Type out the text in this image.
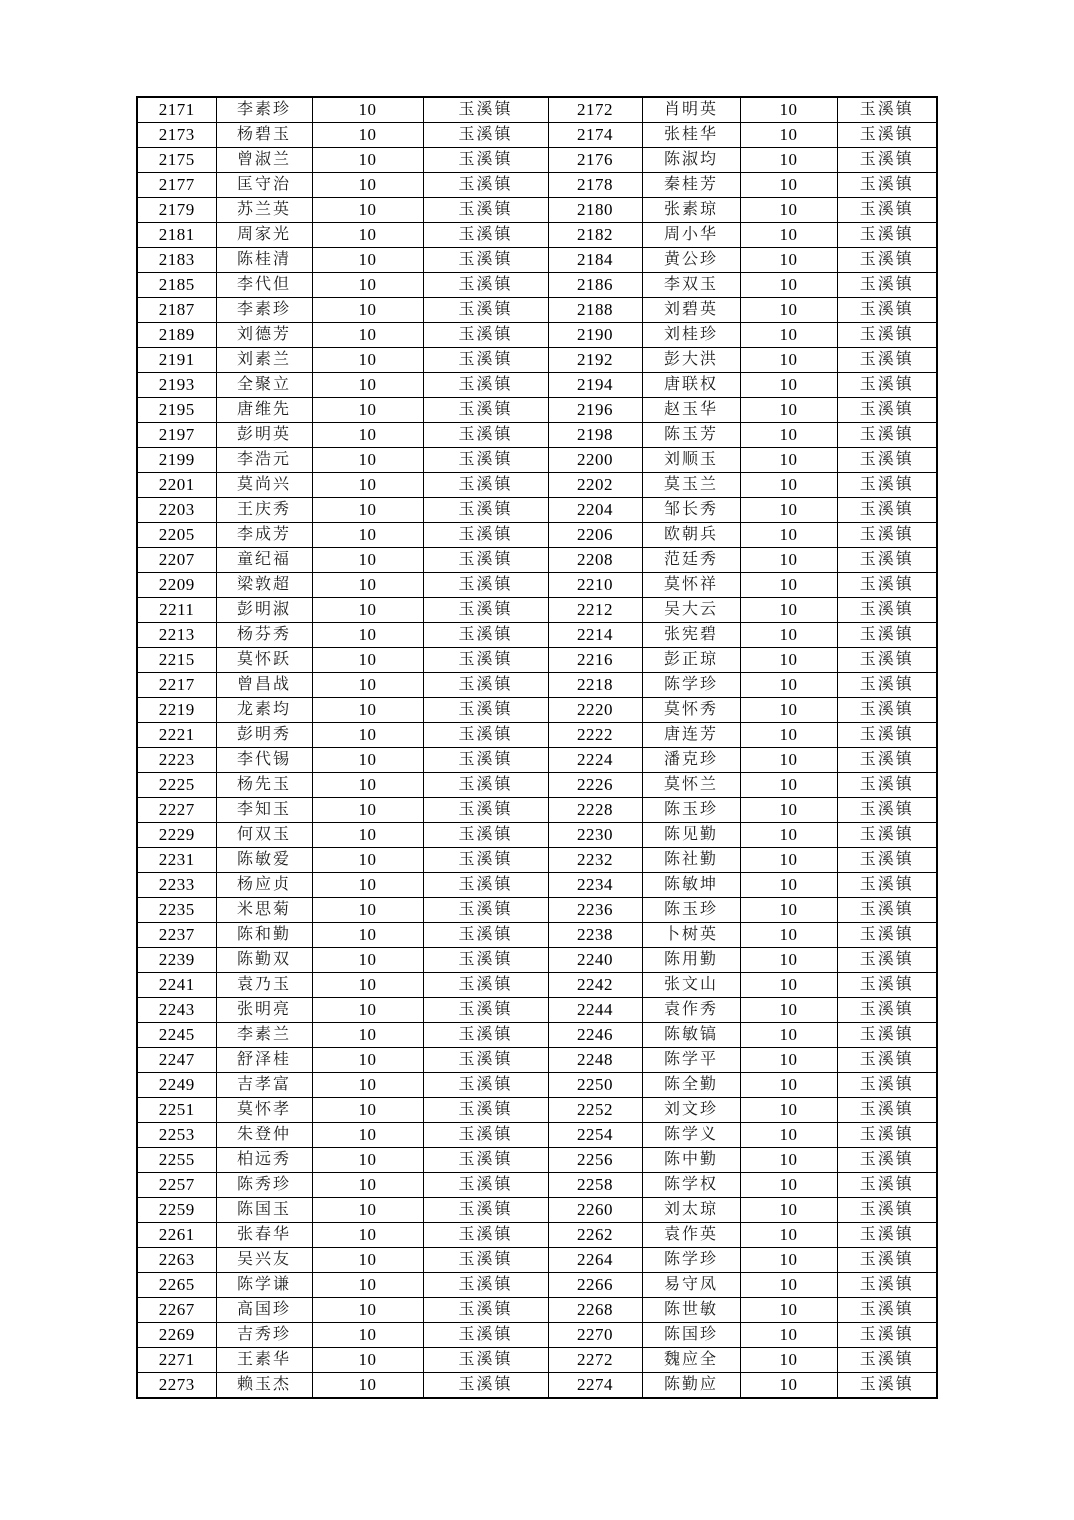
2171	李素珍	10	玉溪镇	2172	肖明英	10	玉溪镇
2173	杨碧玉	10	玉溪镇	2174	张桂华	10	玉溪镇
2175	曾淑兰	10	玉溪镇	2176	陈淑均	10	玉溪镇
2177	匡守治	10	玉溪镇	2178	秦桂芳	10	玉溪镇
2179	苏兰英	10	玉溪镇	2180	张素琼	10	玉溪镇
2181	周家光	10	玉溪镇	2182	周小华	10	玉溪镇
2183	陈桂清	10	玉溪镇	2184	黄公珍	10	玉溪镇
2185	李代但	10	玉溪镇	2186	李双玉	10	玉溪镇
2187	李素珍	10	玉溪镇	2188	刘碧英	10	玉溪镇
2189	刘德芳	10	玉溪镇	2190	刘桂珍	10	玉溪镇
2191	刘素兰	10	玉溪镇	2192	彭大洪	10	玉溪镇
2193	全聚立	10	玉溪镇	2194	唐联权	10	玉溪镇
2195	唐维先	10	玉溪镇	2196	赵玉华	10	玉溪镇
2197	彭明英	10	玉溪镇	2198	陈玉芳	10	玉溪镇
2199	李浩元	10	玉溪镇	2200	刘顺玉	10	玉溪镇
2201	莫尚兴	10	玉溪镇	2202	莫玉兰	10	玉溪镇
2203	王庆秀	10	玉溪镇	2204	邹长秀	10	玉溪镇
2205	李成芳	10	玉溪镇	2206	欧朝兵	10	玉溪镇
2207	童纪福	10	玉溪镇	2208	范廷秀	10	玉溪镇
2209	梁敦超	10	玉溪镇	2210	莫怀祥	10	玉溪镇
2211	彭明淑	10	玉溪镇	2212	吴大云	10	玉溪镇
2213	杨芬秀	10	玉溪镇	2214	张宪碧	10	玉溪镇
2215	莫怀跃	10	玉溪镇	2216	彭正琼	10	玉溪镇
2217	曾昌战	10	玉溪镇	2218	陈学珍	10	玉溪镇
2219	龙素均	10	玉溪镇	2220	莫怀秀	10	玉溪镇
2221	彭明秀	10	玉溪镇	2222	唐连芳	10	玉溪镇
2223	李代锡	10	玉溪镇	2224	潘克珍	10	玉溪镇
2225	杨先玉	10	玉溪镇	2226	莫怀兰	10	玉溪镇
2227	李知玉	10	玉溪镇	2228	陈玉珍	10	玉溪镇
2229	何双玉	10	玉溪镇	2230	陈见勤	10	玉溪镇
2231	陈敏爱	10	玉溪镇	2232	陈社勤	10	玉溪镇
2233	杨应贞	10	玉溪镇	2234	陈敏坤	10	玉溪镇
2235	米思菊	10	玉溪镇	2236	陈玉珍	10	玉溪镇
2237	陈和勤	10	玉溪镇	2238	卜树英	10	玉溪镇
2239	陈勤双	10	玉溪镇	2240	陈用勤	10	玉溪镇
2241	袁乃玉	10	玉溪镇	2242	张文山	10	玉溪镇
2243	张明亮	10	玉溪镇	2244	袁作秀	10	玉溪镇
2245	李素兰	10	玉溪镇	2246	陈敏镐	10	玉溪镇
2247	舒泽桂	10	玉溪镇	2248	陈学平	10	玉溪镇
2249	吉孝富	10	玉溪镇	2250	陈全勤	10	玉溪镇
2251	莫怀孝	10	玉溪镇	2252	刘文珍	10	玉溪镇
2253	朱登仲	10	玉溪镇	2254	陈学义	10	玉溪镇
2255	柏远秀	10	玉溪镇	2256	陈中勤	10	玉溪镇
2257	陈秀珍	10	玉溪镇	2258	陈学权	10	玉溪镇
2259	陈国玉	10	玉溪镇	2260	刘太琼	10	玉溪镇
2261	张春华	10	玉溪镇	2262	袁作英	10	玉溪镇
2263	吴兴友	10	玉溪镇	2264	陈学珍	10	玉溪镇
2265	陈学谦	10	玉溪镇	2266	易守凤	10	玉溪镇
2267	高国珍	10	玉溪镇	2268	陈世敏	10	玉溪镇
2269	吉秀珍	10	玉溪镇	2270	陈国珍	10	玉溪镇
2271	王素华	10	玉溪镇	2272	魏应全	10	玉溪镇
2273	赖玉杰	10	玉溪镇	2274	陈勤应	10	玉溪镇
